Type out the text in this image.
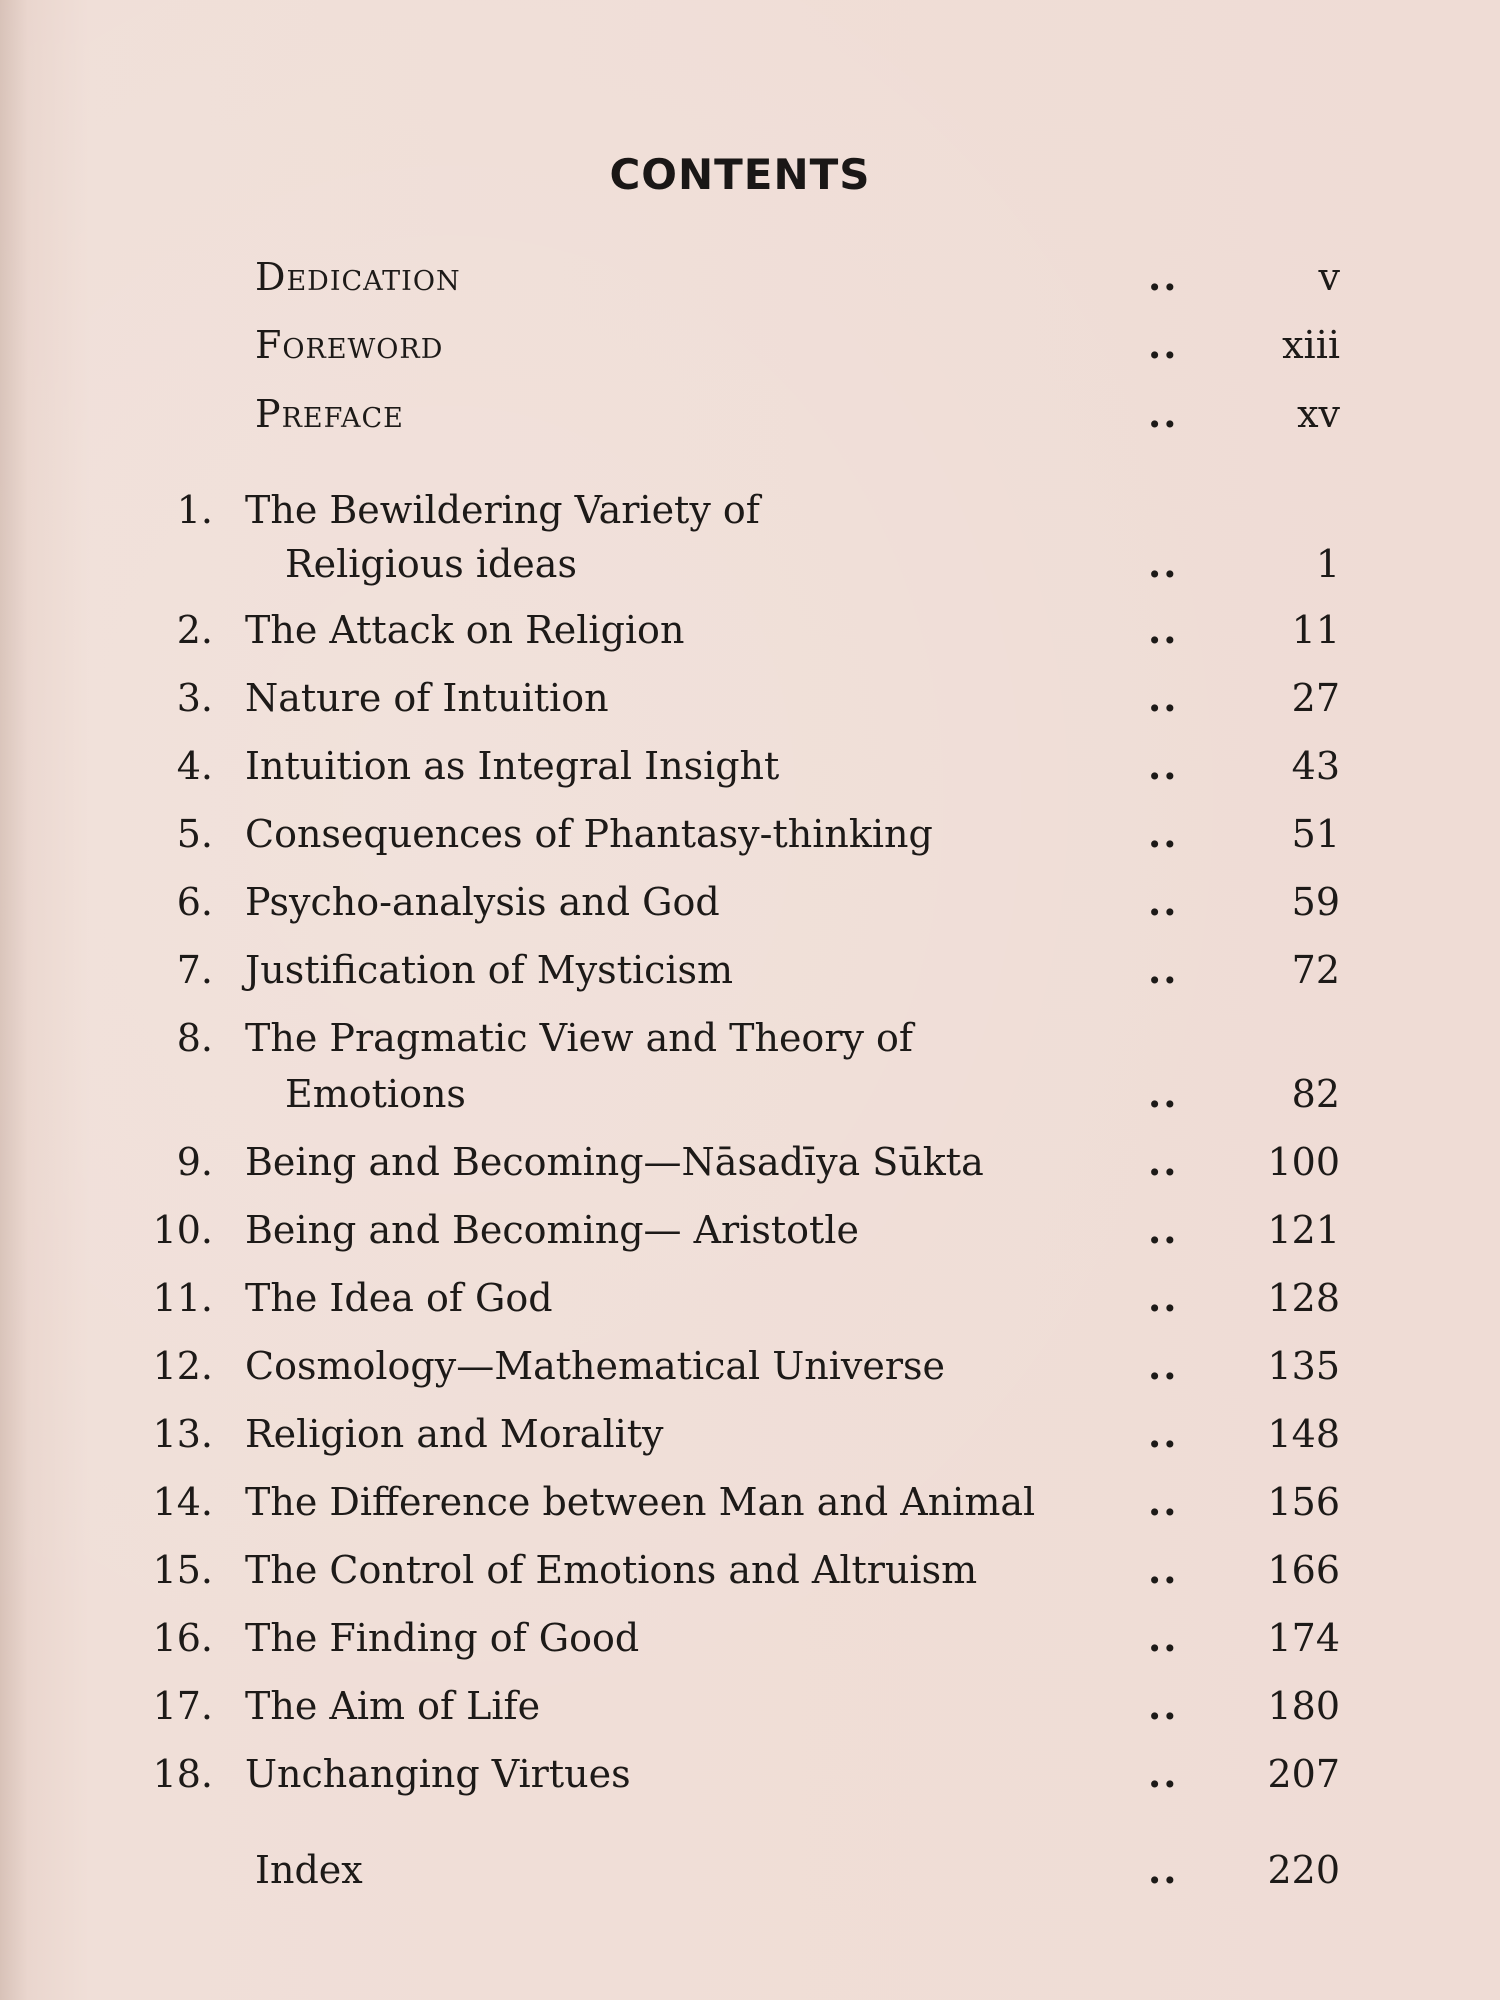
CONTENTS
Dedication	..	v
Foreword	..	xiii
Preface	..	xv
1. The Bewildering Variety of
Religious ideas	..	1
2. The Attack on Religion	..	11
3. Nature of Intuition	..	27
4. Intuition as Integral Insight	..	43
5. Consequences of Phantasy-thinking	..	51
6. Psycho-analysis and God	..	59
7. Justification of Mysticism	..	72
8. The Pragmatic View and Theory of
Emotions	..	82
9. Being and Becoming—Nāsadīya Sūkta	..	100
10. Being and Becoming— Aristotle	..	121
11. The Idea of God	..	128
12. Cosmology—Mathematical Universe	..	135
13. Religion and Morality	..	148
14. The Difference between Man and Animal	..	156
15. The Control of Emotions and Altruism	..	166
16. The Finding of Good	..	174
17. The Aim of Life	..	180
18. Unchanging Virtues	..	207
Index	..	220
